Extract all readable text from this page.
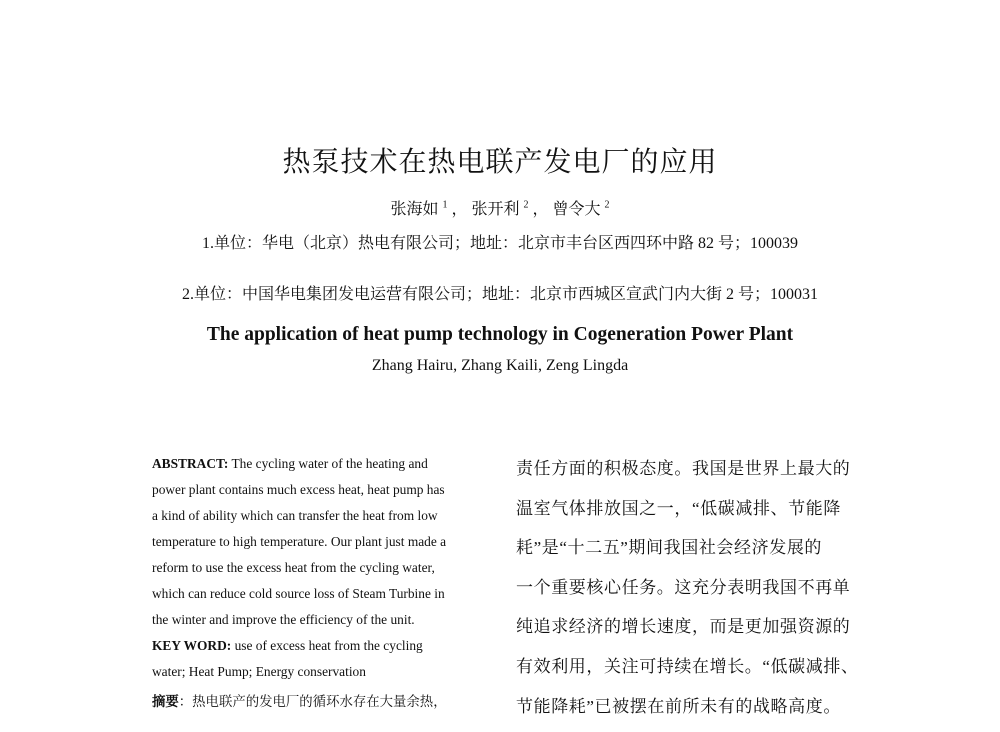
热泵技术在热电联产发电厂的应用
张海如 $^1$ ， 张开利 $^2$ ， 曾令大 $^2$
1.单位：华电（北京）热电有限公司；地址：北京市丰台区西四环中路 82 号；100039
2.单位：中国华电集团发电运营有限公司；地址：北京市西城区宣武门内大街 2 号；100031
The application of heat pump technology in Cogeneration Power Plant
Zhang Hairu, Zhang Kaili, Zeng Lingda
ABSTRACT: The cycling water of the heating and
power plant contains much excess heat, heat pump has
a kind of ability which can transfer the heat from low
temperature to high temperature. Our plant just made a
reform to use the excess heat from the cycling water,
which can reduce cold source loss of Steam Turbine in
the winter and improve the efficiency of the unit.
KEY WORD: use of excess heat from the cycling
water; Heat Pump; Energy conservation
摘要：热电联产的发电厂的循环水存在大量余热，
责任方面的积极态度。我国是世界上最大的
温室气体排放国之一，“低碳减排、节能降
耗”是“十二五”期间我国社会经济发展的
一个重要核心任务。这充分表明我国不再单
纯追求经济的增长速度，而是更加强资源的
有效利用，关注可持续在增长。“低碳减排、
节能降耗”已被摆在前所未有的战略高度。
